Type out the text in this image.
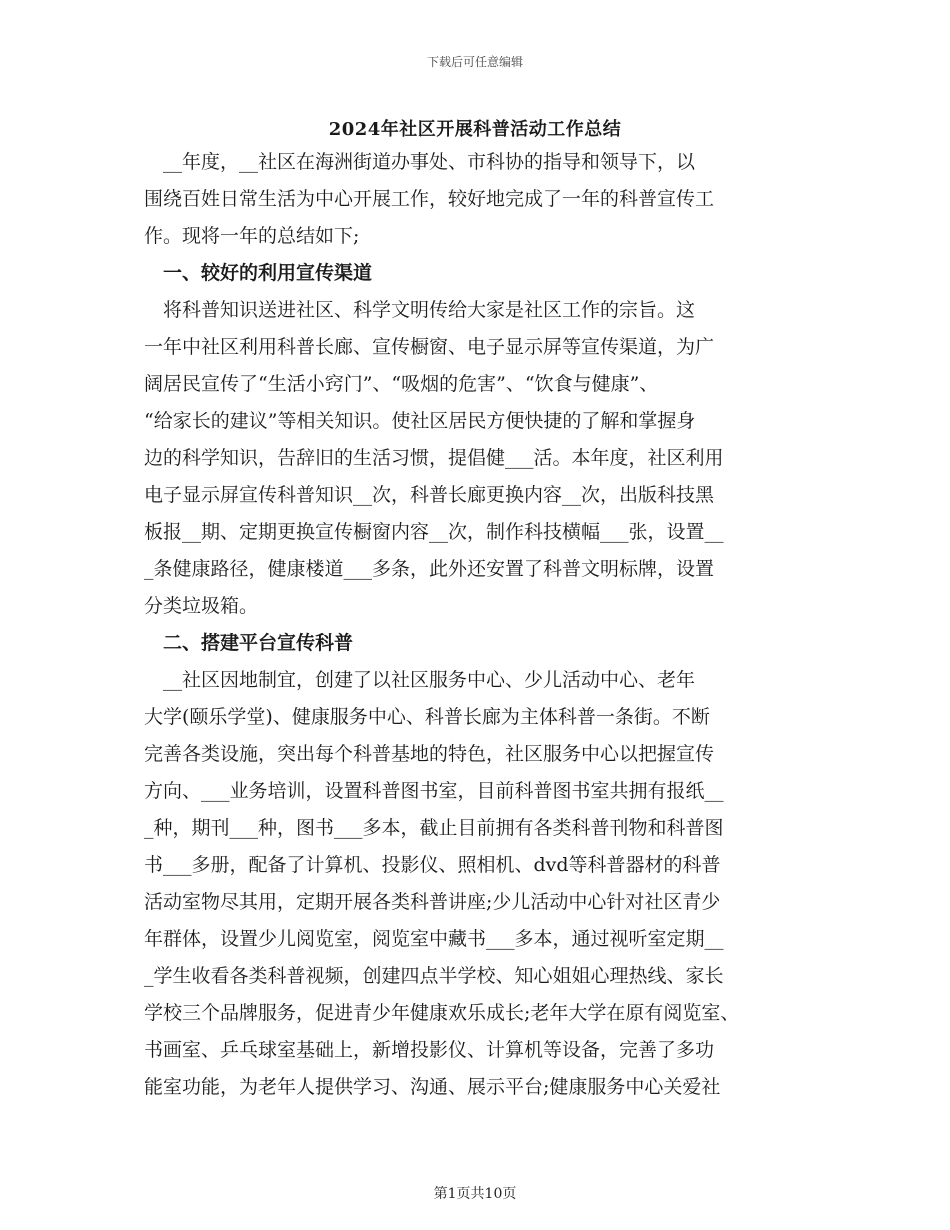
下载后可任意编辑
2024年社区开展科普活动工作总结
　__年度，__社区在海洲街道办事处、市科协的指导和领导下，以
围绕百姓日常生活为中心开展工作，较好地完成了一年的科普宣传工
作。现将一年的总结如下;
　一、较好的利用宣传渠道
　将科普知识送进社区、科学文明传给大家是社区工作的宗旨。这
一年中社区利用科普长廊、宣传橱窗、电子显示屏等宣传渠道，为广
阔居民宣传了“生活小窍门”、“吸烟的危害”、“饮食与健康”、
“给家长的建议”等相关知识。使社区居民方便快捷的了解和掌握身
边的科学知识，告辞旧的生活习惯，提倡健___活。本年度，社区利用
电子显示屏宣传科普知识__次，科普长廊更换内容__次，出版科技黑
板报__期、定期更换宣传橱窗内容__次，制作科技横幅___张，设置__
_条健康路径，健康楼道___多条，此外还安置了科普文明标牌，设置
分类垃圾箱。
　二、搭建平台宣传科普
　__社区因地制宜，创建了以社区服务中心、少儿活动中心、老年
大学(颐乐学堂)、健康服务中心、科普长廊为主体科普一条街。不断
完善各类设施，突出每个科普基地的特色，社区服务中心以把握宣传
方向、___业务培训，设置科普图书室，目前科普图书室共拥有报纸__
_种，期刊___种，图书___多本，截止目前拥有各类科普刊物和科普图
书___多册，配备了计算机、投影仪、照相机、dvd等科普器材的科普
活动室物尽其用，定期开展各类科普讲座;少儿活动中心针对社区青少
年群体，设置少儿阅览室，阅览室中藏书___多本，通过视听室定期__
_学生收看各类科普视频，创建四点半学校、知心姐姐心理热线、家长
学校三个品牌服务，促进青少年健康欢乐成长;老年大学在原有阅览室、
书画室、乒乓球室基础上，新增投影仪、计算机等设备，完善了多功
能室功能，为老年人提供学习、沟通、展示平台;健康服务中心关爱社
第1页共10页
